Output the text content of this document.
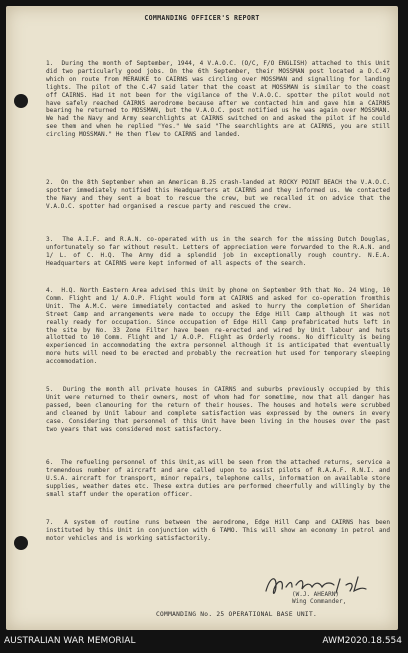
COMMANDING OFFICER'S REPORT
1. During the month of September, 1944, 4 V.A.O.C. (O/C, F/O ENGLISH) attached to this Unit did two particularly good jobs. On the 6th September, their MOSSMAN post located a D.C.47 which on route from MERAUKE to CAIRNS was circling over MOSSMAN and signalling for landing lights. The pilot of the C.47 said later that the coast at MOSSMAN is similar to the coast off CAIRNS. Had it not been for the vigilance of the V.A.O.C. spotter the pilot would not have safely reached CAIRNS aerodrome because after we contacted him and gave him a CAIRNS bearing he returned to MOSSMAN, but the V.A.O.C. post notified us he was again over MOSSMAN. We had the Navy and Army searchlights at CAIRNS switched on and asked the pilot if he could see them and when he replied "Yes." We said "The searchlights are at CAIRNS, you are still circling MOSSMAN." He then flew to CAIRNS and landed.
2. On the 8th September when an American B.25 crash-landed at ROCKY POINT BEACH the V.A.O.C. spotter immediately notified this Headquarters at CAIRNS and they informed us. We contacted the Navy and they sent a boat to rescue the crew, but we recalled it on advice that the V.A.O.C. spotter had organised a rescue party and rescued the crew.
3. The A.I.F. and R.A.N. co-operated with us in the search for the missing Dutch Douglas, unfortunately so far without result. Letters of appreciation were forwarded to the R.A.N. and 1/ L. of C. H.Q. The Army did a splendid job in exceptionally rough country. N.E.A. Headquarters at CAIRNS were kept informed of all aspects of the search.
4. H.Q. North Eastern Area advised this Unit by phone on September 9th that No. 24 Wing, 10 Comm. Flight and 1/ A.O.P. Flight would form at CAIRNS and asked for co-operation fromthis Unit. The A.M.C. were immediately contacted and asked to hurry the completion of Sheridan Street Camp and arrangements were made to occupy the Edge Hill Camp although it was not really ready for occupation. Since occupation of Edge Hill Camp prefabricated huts left in the site by No. 33 Zone Filter have been re-erected and wired by Unit labour and huts allotted to 10 Comm. Flight and 1/ A.O.P. Flight as Orderly rooms. No difficulty is being experienced in accommodating the extra personnel although it is anticipated that eventually more huts will need to be erected and probably the recreation hut used for temporary sleeping accommodation.
5. During the month all private houses in CAIRNS and suburbs previously occupied by this Unit were returned to their owners, most of whom had for sometime, now that all danger has passed, been clamouring for the return of their houses. The houses and hotels were scrubbed and cleaned by Unit labour and complete satisfaction was expressed by the owners in every case. Considering that personnel of this Unit have been living in the houses over the past two years that was considered most satisfactory.
6. The refueling personnel of this Unit,as will be seen from the attached returns, service a tremendous number of aircraft and are called upon to assist pilots of R.A.A.F. R.N.I. and U.S.A. aircraft for transport, minor repairs, telephone calls, information on available store supplies, weather dates etc. These extra duties are performed cheerfully and willingly by the small staff under the operation officer.
7. A system of routine runs between the aerodrome, Edge Hill Camp and CAIRNS has been instituted by this Unit in conjunction with 6 TAMO. This will show an economy in petrol and motor vehicles and is working satisfactorily.
(W.J. AHEARN)
Wing Commander,
COMMANDING No. 25 OPERATIONAL BASE UNIT.
AUSTRALIAN WAR MEMORIAL	AWM2020.18.554
